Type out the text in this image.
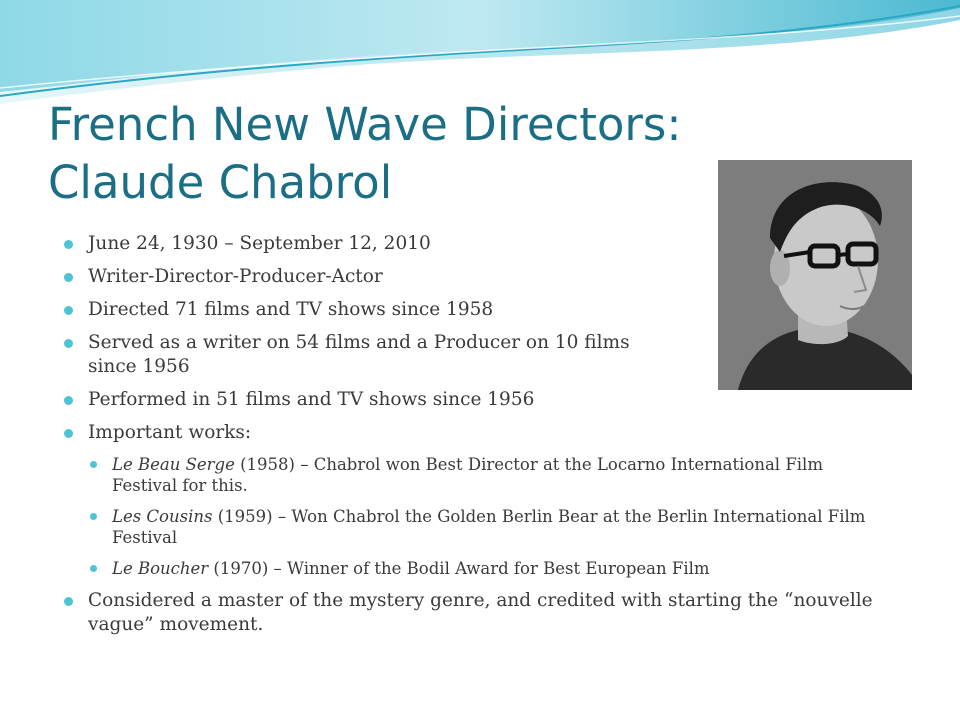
French New Wave Directors:
Claude Chabrol
June 24, 1930 – September 12, 2010
Writer-Director-Producer-Actor
Directed 71 films and TV shows since 1958
Served as a writer on 54 films and a Producer on 10 films since 1956
Performed in 51 films and TV shows since 1956
Important works:
Le Beau Serge (1958) – Chabrol won Best Director at the Locarno International Film Festival for this.
Les Cousins (1959) – Won Chabrol the Golden Berlin Bear at the Berlin International Film Festival
Le Boucher (1970) – Winner of the Bodil Award for Best European Film
Considered a master of the mystery genre, and credited with starting the “nouvelle vague” movement.
